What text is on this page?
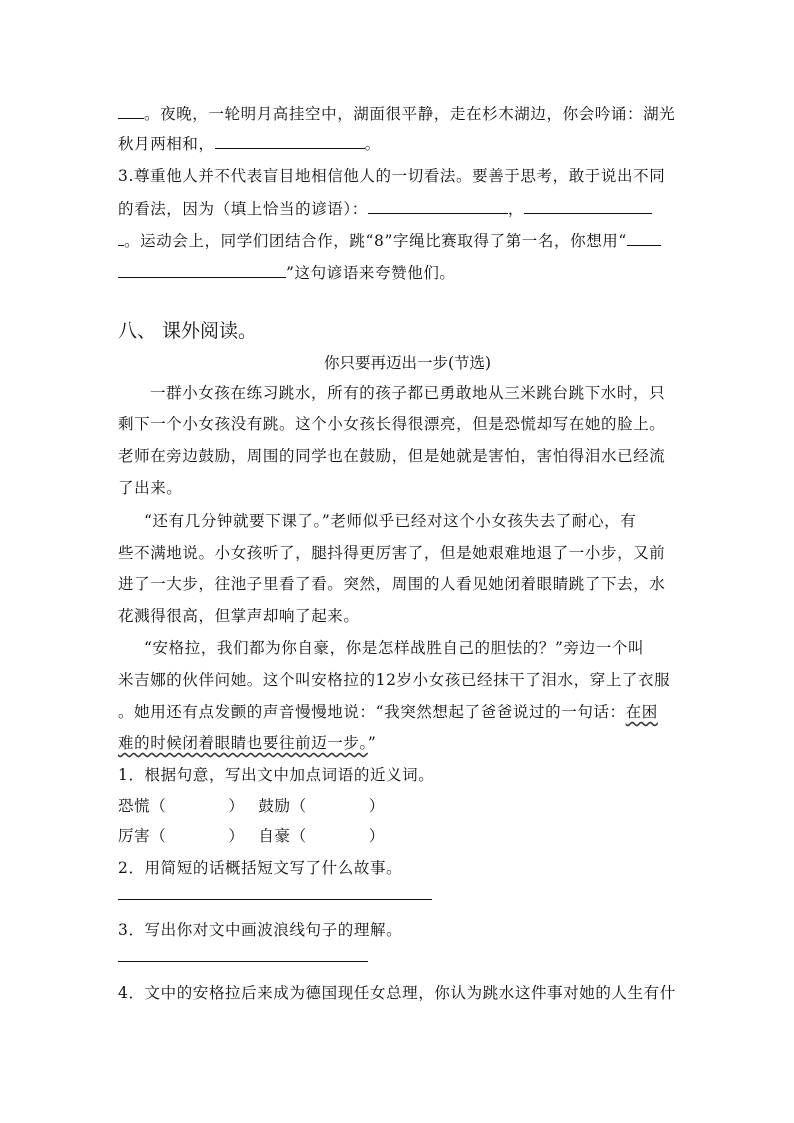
。夜晚，一轮明月高挂空中，湖面很平静，走在杉木湖边，你会吟诵：湖光
秋月两相和，	。
3.尊重他人并不代表盲目地相信他人的一切看法。要善于思考，敢于说出不同
的看法，因为（填上恰当的谚语）：	，
。运动会上，同学们团结合作，跳“8”字绳比赛取得了第一名，你想用“
”这句谚语来夸赞他们。
八、 课外阅读。
你只要再迈出一步(节选)
一群小女孩在练习跳水，所有的孩子都已勇敢地从三米跳台跳下水时，只
剩下一个小女孩没有跳。这个小女孩长得很漂亮，但是恐慌却写在她的脸上。
老师在旁边鼓励，周围的同学也在鼓励，但是她就是害怕，害怕得泪水已经流
了出来。
“还有几分钟就要下课了。”老师似乎已经对这个小女孩失去了耐心，有
些不满地说。小女孩听了，腿抖得更厉害了，但是她艰难地退了一小步，又前
进了一大步，往池子里看了看。突然，周围的人看见她闭着眼睛跳了下去，水
花溅得很高，但掌声却响了起来。
“安格拉，我们都为你自豪，你是怎样战胜自己的胆怯的？”旁边一个叫
米吉娜的伙伴问她。这个叫安格拉的12岁小女孩已经抹干了泪水，穿上了衣服
。她用还有点发颤的声音慢慢地说：“我突然想起了爸爸说过的一句话：在困
难的时候闭着眼睛也要往前迈一步。”
1．根据句意，写出文中加点词语的近义词。
恐慌（	） 鼓励（	）
厉害（	） 自豪（	）
2．用简短的话概括短文写了什么故事。
3．写出你对文中画波浪线句子的理解。
4．文中的安格拉后来成为德国现任女总理，你认为跳水这件事对她的人生有什
